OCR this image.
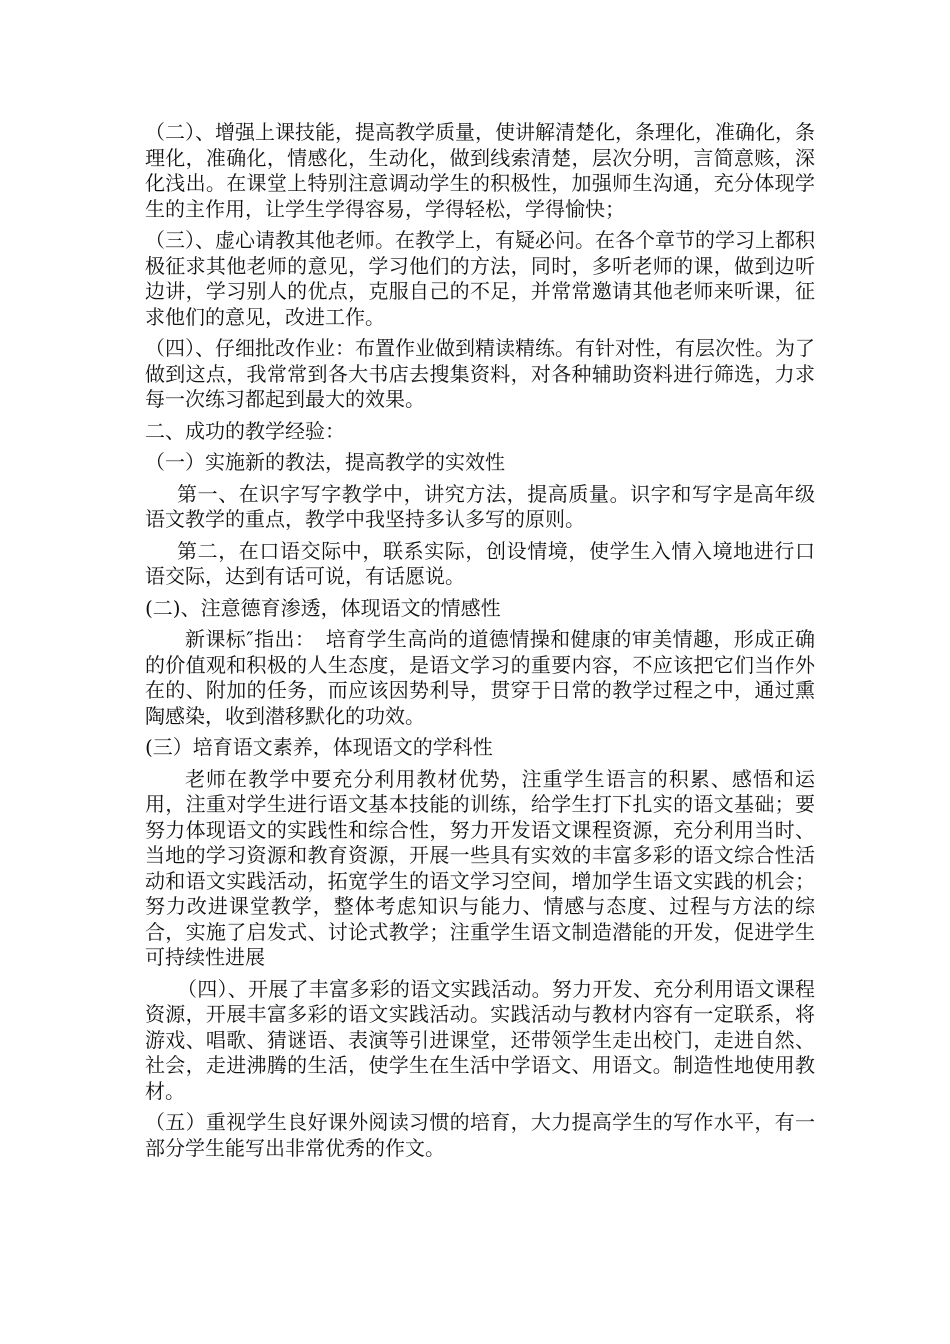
（二）、增强上课技能，提高教学质量，使讲解清楚化，条理化，准确化，条理化，准确化，情感化，生动化，做到线索清楚，层次分明，言简意赅，深化浅出。在课堂上特别注意调动学生的积极性，加强师生沟通，充分体现学生的主作用，让学生学得容易，学得轻松，学得愉快；

（三）、虚心请教其他老师。在教学上，有疑必问。在各个章节的学习上都积极征求其他老师的意见，学习他们的方法，同时，多听老师的课，做到边听边讲，学习别人的优点，克服自己的不足，并常常邀请其他老师来听课，征求他们的意见，改进工作。

（四）、仔细批改作业：布置作业做到精读精练。有针对性，有层次性。为了做到这点，我常常到各大书店去搜集资料，对各种辅助资料进行筛选，力求每一次练习都起到最大的效果。

二、成功的教学经验：

（一）实施新的教法，提高教学的实效性

第一、在识字写字教学中，讲究方法，提高质量。识字和写字是高年级语文教学的重点，教学中我坚持多认多写的原则。

第二，在口语交际中，联系实际，创设情境，使学生入情入境地进行口语交际，达到有话可说，有话愿说。

(二)、注意德育渗透，体现语文的情感性

新课标″指出：　培育学生高尚的道德情操和健康的审美情趣，形成正确的价值观和积极的人生态度，是语文学习的重要内容，不应该把它们当作外在的、附加的任务，而应该因势利导，贯穿于日常的教学过程之中，通过熏陶感染，收到潜移默化的功效。

(三）培育语文素养，体现语文的学科性

老师在教学中要充分利用教材优势，注重学生语言的积累、感悟和运用，注重对学生进行语文基本技能的训练，给学生打下扎实的语文基础；要努力体现语文的实践性和综合性，努力开发语文课程资源，充分利用当时、当地的学习资源和教育资源，开展一些具有实效的丰富多彩的语文综合性活动和语文实践活动，拓宽学生的语文学习空间，增加学生语文实践的机会；努力改进课堂教学，整体考虑知识与能力、情感与态度、过程与方法的综合，实施了启发式、讨论式教学；注重学生语文制造潜能的开发，促进学生可持续性进展

（四）、开展了丰富多彩的语文实践活动。努力开发、充分利用语文课程资源，开展丰富多彩的语文实践活动。实践活动与教材内容有一定联系，将游戏、唱歌、猜谜语、表演等引进课堂，还带领学生走出校门，走进自然、社会，走进沸腾的生活，使学生在生活中学语文、用语文。制造性地使用教材。

（五）重视学生良好课外阅读习惯的培育，大力提高学生的写作水平，有一部分学生能写出非常优秀的作文。
